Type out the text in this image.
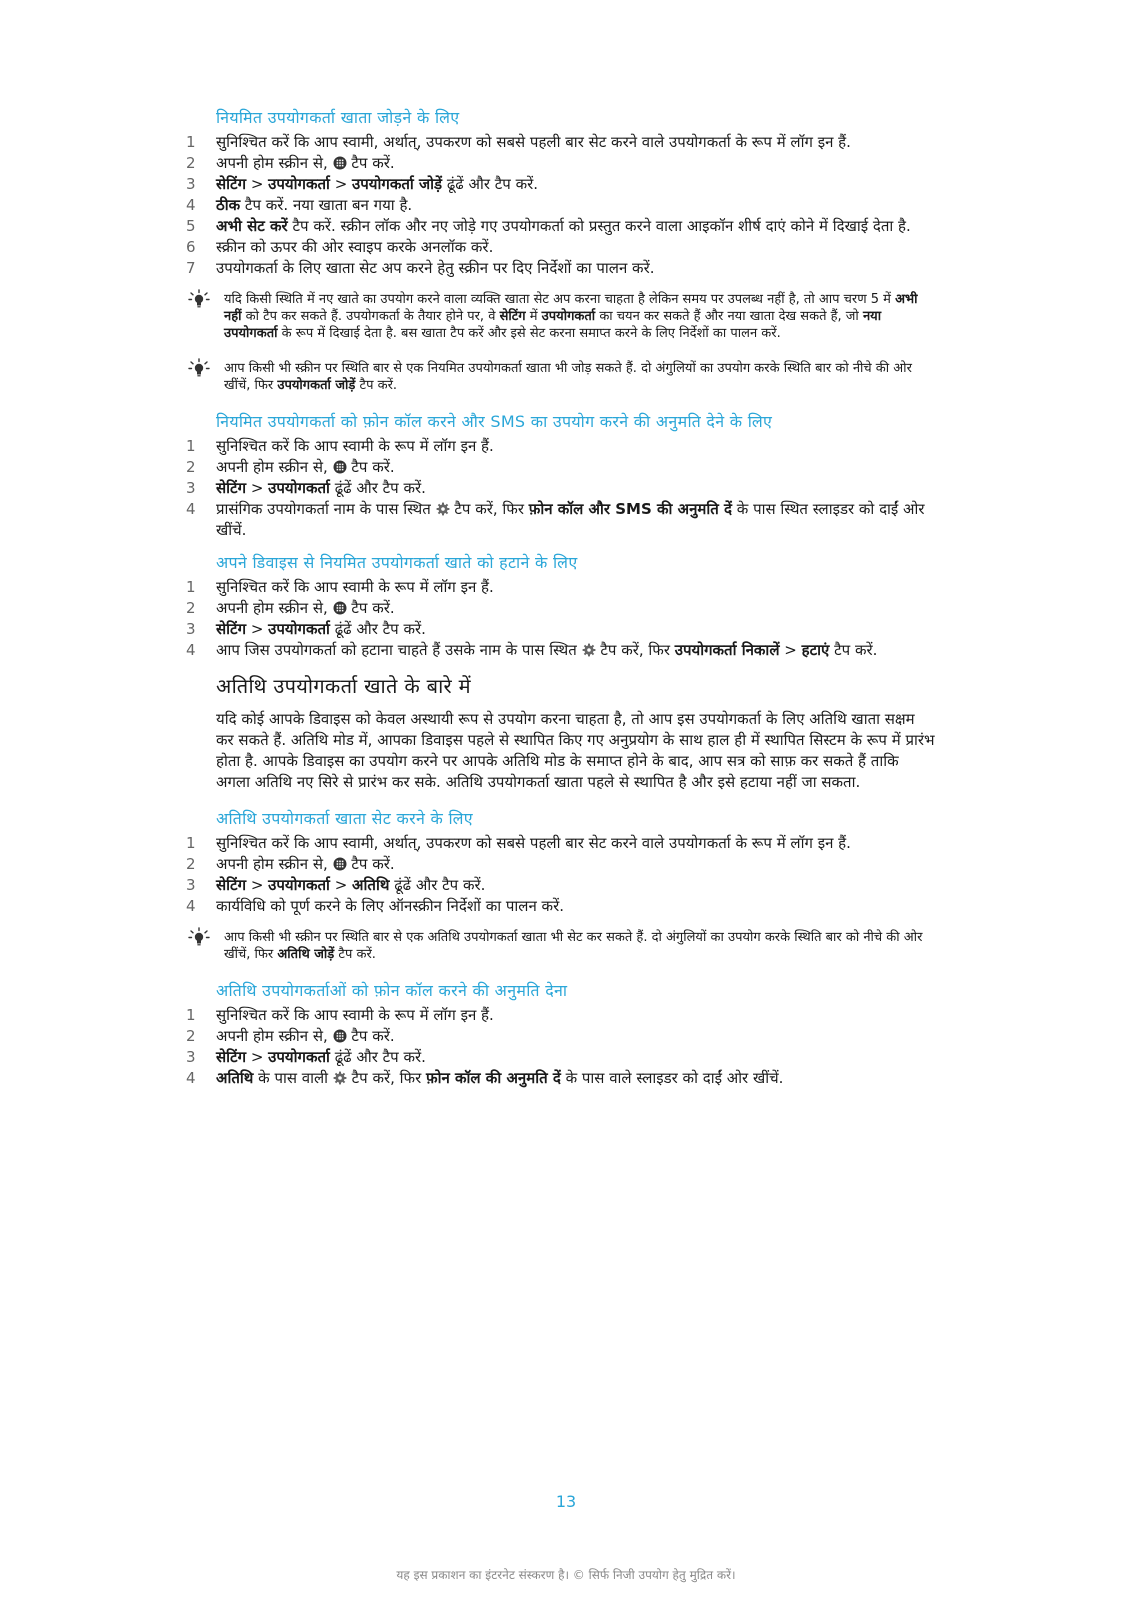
नियमित उपयोगकर्ता खाता जोड़ने के लिए
1	सुनिश्चित करें कि आप स्वामी, अर्थात्, उपकरण को सबसे पहली बार सेट करने वाले उपयोगकर्ता के रूप में लॉग इन हैं.
2	अपनी होम स्क्रीन से, टैप करें.
3	सेटिंग > उपयोगकर्ता > उपयोगकर्ता जोड़ें ढूंढें और टैप करें.
4	ठीक टैप करें. नया खाता बन गया है.
5	अभी सेट करें टैप करें. स्क्रीन लॉक और नए जोड़े गए उपयोगकर्ता को प्रस्तुत करने वाला आइकॉन शीर्ष दाएं कोने में दिखाई देता है.
6	स्क्रीन को ऊपर की ओर स्वाइप करके अनलॉक करें.
7	उपयोगकर्ता के लिए खाता सेट अप करने हेतु स्क्रीन पर दिए निर्देशों का पालन करें.
यदि किसी स्थिति में नए खाते का उपयोग करने वाला व्यक्ति खाता सेट अप करना चाहता है लेकिन समय पर उपलब्ध नहीं है, तो आप चरण 5 में अभी नहीं को टैप कर सकते हैं. उपयोगकर्ता के तैयार होने पर, वे सेटिंग में उपयोगकर्ता का चयन कर सकते हैं और नया खाता देख सकते हैं, जो नया उपयोगकर्ता के रूप में दिखाई देता है. बस खाता टैप करें और इसे सेट करना समाप्त करने के लिए निर्देशों का पालन करें.
आप किसी भी स्क्रीन पर स्थिति बार से एक नियमित उपयोगकर्ता खाता भी जोड़ सकते हैं. दो अंगुलियों का उपयोग करके स्थिति बार को नीचे की ओर खींचें, फिर उपयोगकर्ता जोड़ें टैप करें.
नियमित उपयोगकर्ता को फ़ोन कॉल करने और SMS का उपयोग करने की अनुमति देने के लिए
1	सुनिश्चित करें कि आप स्वामी के रूप में लॉग इन हैं.
2	अपनी होम स्क्रीन से, टैप करें.
3	सेटिंग > उपयोगकर्ता ढूंढें और टैप करें.
4	प्रासंगिक उपयोगकर्ता नाम के पास स्थित टैप करें, फिर फ़ोन कॉल और SMS की अनुमति दें के पास स्थित स्लाइडर को दाईं ओर खींचें.
अपने डिवाइस से नियमित उपयोगकर्ता खाते को हटाने के लिए
1	सुनिश्चित करें कि आप स्वामी के रूप में लॉग इन हैं.
2	अपनी होम स्क्रीन से, टैप करें.
3	सेटिंग > उपयोगकर्ता ढूंढें और टैप करें.
4	आप जिस उपयोगकर्ता को हटाना चाहते हैं उसके नाम के पास स्थित टैप करें, फिर उपयोगकर्ता निकालें > हटाएं टैप करें.
अतिथि उपयोगकर्ता खाते के बारे में

यदि कोई आपके डिवाइस को केवल अस्थायी रूप से उपयोग करना चाहता है, तो आप इस उपयोगकर्ता के लिए अतिथि खाता सक्षम कर सकते हैं. अतिथि मोड में, आपका डिवाइस पहले से स्थापित किए गए अनुप्रयोग के साथ हाल ही में स्थापित सिस्टम के रूप में प्रारंभ होता है. आपके डिवाइस का उपयोग करने पर आपके अतिथि मोड के समाप्त होने के बाद, आप सत्र को साफ़ कर सकते हैं ताकि अगला अतिथि नए सिरे से प्रारंभ कर सके. अतिथि उपयोगकर्ता खाता पहले से स्थापित है और इसे हटाया नहीं जा सकता.

अतिथि उपयोगकर्ता खाता सेट करने के लिए
1	सुनिश्चित करें कि आप स्वामी, अर्थात्, उपकरण को सबसे पहली बार सेट करने वाले उपयोगकर्ता के रूप में लॉग इन हैं.
2	अपनी होम स्क्रीन से, टैप करें.
3	सेटिंग > उपयोगकर्ता > अतिथि ढूंढें और टैप करें.
4	कार्यविधि को पूर्ण करने के लिए ऑनस्क्रीन निर्देशों का पालन करें.
आप किसी भी स्क्रीन पर स्थिति बार से एक अतिथि उपयोगकर्ता खाता भी सेट कर सकते हैं. दो अंगुलियों का उपयोग करके स्थिति बार को नीचे की ओर खींचें, फिर अतिथि जोड़ें टैप करें.
अतिथि उपयोगकर्ताओं को फ़ोन कॉल करने की अनुमति देना
1	सुनिश्चित करें कि आप स्वामी के रूप में लॉग इन हैं.
2	अपनी होम स्क्रीन से, टैप करें.
3	सेटिंग > उपयोगकर्ता ढूंढें और टैप करें.
4	अतिथि के पास वाली टैप करें, फिर फ़ोन कॉल की अनुमति दें के पास वाले स्लाइडर को दाईं ओर खींचें.
13
यह इस प्रकाशन का इंटरनेट संस्करण है। © सिर्फ निजी उपयोग हेतु मुद्रित करें।
